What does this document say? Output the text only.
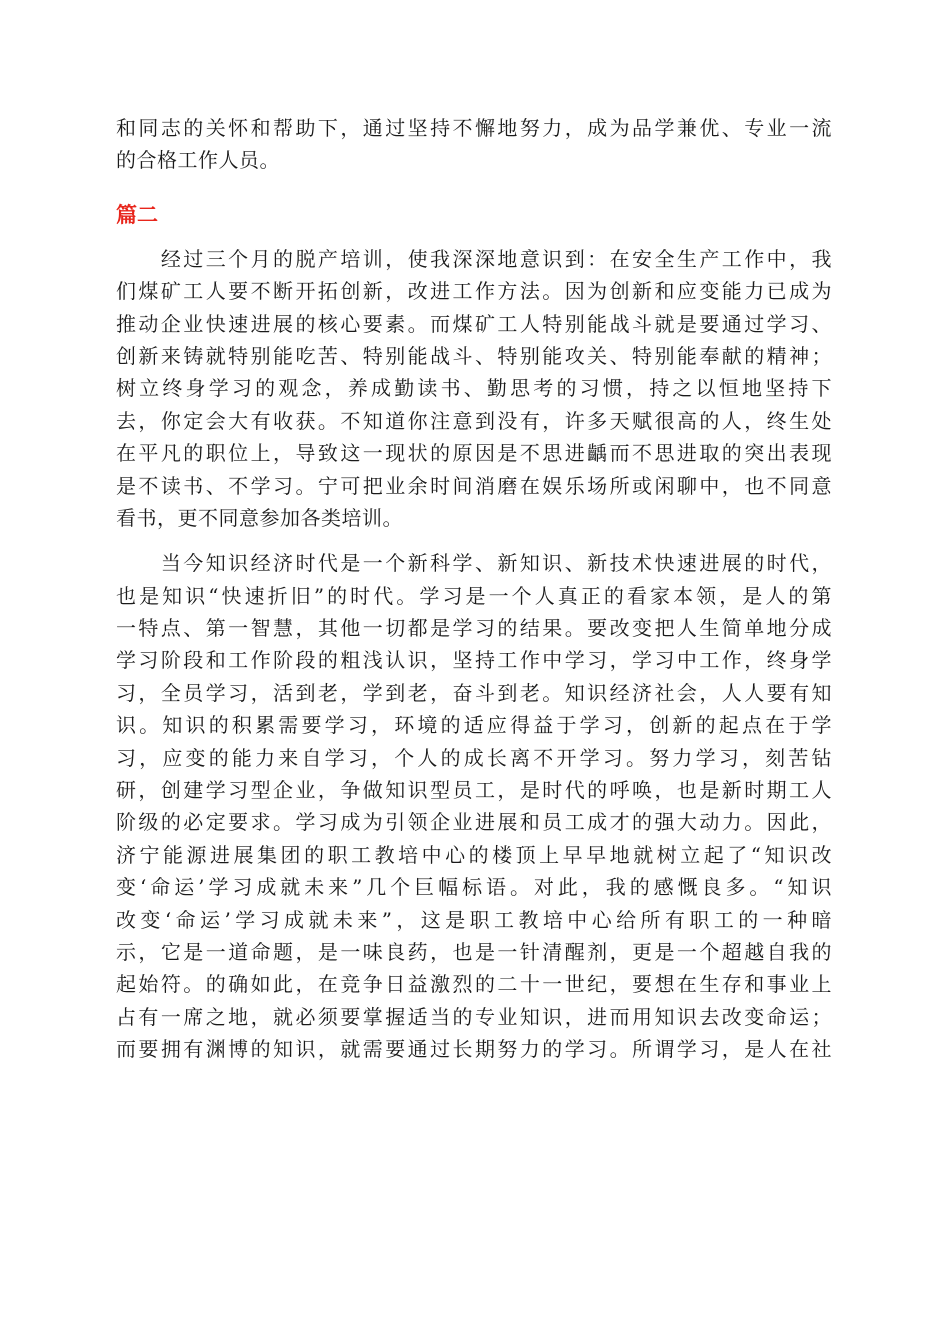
和同志的关怀和帮助下，通过坚持不懈地努力，成为品学兼优、专业一流
的合格工作人员。
篇二
　　经过三个月的脱产培训，使我深深地意识到：在安全生产工作中，我
们煤矿工人要不断开拓创新，改进工作方法。因为创新和应变能力已成为
推动企业快速进展的核心要素。而煤矿工人特别能战斗就是要通过学习、
创新来铸就特别能吃苦、特别能战斗、特别能攻关、特别能奉献的精神；
树立终身学习的观念，养成勤读书、勤思考的习惯，持之以恒地坚持下
去，你定会大有收获。不知道你注意到没有，许多天赋很高的人，终生处
在平凡的职位上，导致这一现状的原因是不思进齲而不思进取的突出表现
是不读书、不学习。宁可把业余时间消磨在娱乐场所或闲聊中，也不同意
看书，更不同意参加各类培训。
　　当今知识经济时代是一个新科学、新知识、新技术快速进展的时代，
也是知识“快速折旧”的时代。学习是一个人真正的看家本领，是人的第
一特点、第一智慧，其他一切都是学习的结果。要改变把人生简单地分成
学习阶段和工作阶段的粗浅认识，坚持工作中学习，学习中工作，终身学
习，全员学习，活到老，学到老，奋斗到老。知识经济社会，人人要有知
识。知识的积累需要学习，环境的适应得益于学习，创新的起点在于学
习，应变的能力来自学习，个人的成长离不开学习。努力学习，刻苦钻
研，创建学习型企业，争做知识型员工，是时代的呼唤，也是新时期工人
阶级的必定要求。学习成为引领企业进展和员工成才的强大动力。因此，
济宁能源进展集团的职工教培中心的楼顶上早早地就树立起了“知识改
变‘命运’学习成就未来”几个巨幅标语。对此，我的感慨良多。“知识
改变‘命运’学习成就未来”，这是职工教培中心给所有职工的一种暗
示，它是一道命题，是一味良药，也是一针清醒剂，更是一个超越自我的
起始符。的确如此，在竞争日益激烈的二十一世纪，要想在生存和事业上
占有一席之地，就必须要掌握适当的专业知识，进而用知识去改变命运；
而要拥有渊博的知识，就需要通过长期努力的学习。所谓学习，是人在社
